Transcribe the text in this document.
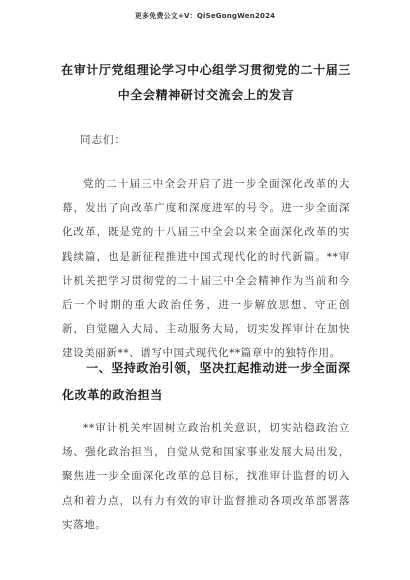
更多免费公文+V：QiSeGongWen2024
在审计厅党组理论学习中心组学习贯彻党的二十届三中全会精神研讨交流会上的发言
同志们：
党的二十届三中全会开启了进一步全面深化改革的大幕，发出了向改革广度和深度进军的号令。进一步全面深化改革，既是党的十八届三中全会以来全面深化改革的实践续篇，也是新征程推进中国式现代化的时代新篇。**审计机关把学习贯彻党的二十届三中全会精神作为当前和今后一个时期的重大政治任务，进一步解放思想、守正创新，自觉融入大局、主动服务大局，切实发挥审计在加快建设美丽新**、谱写中国式现代化**篇章中的独特作用。
一、坚持政治引领，坚决扛起推动进一步全面深化改革的政治担当
**审计机关牢固树立政治机关意识，切实站稳政治立场、强化政治担当，自觉从党和国家事业发展大局出发，聚焦进一步全面深化改革的总目标，找准审计监督的切入点和着力点，以有力有效的审计监督推动各项改革部署落实落地。
